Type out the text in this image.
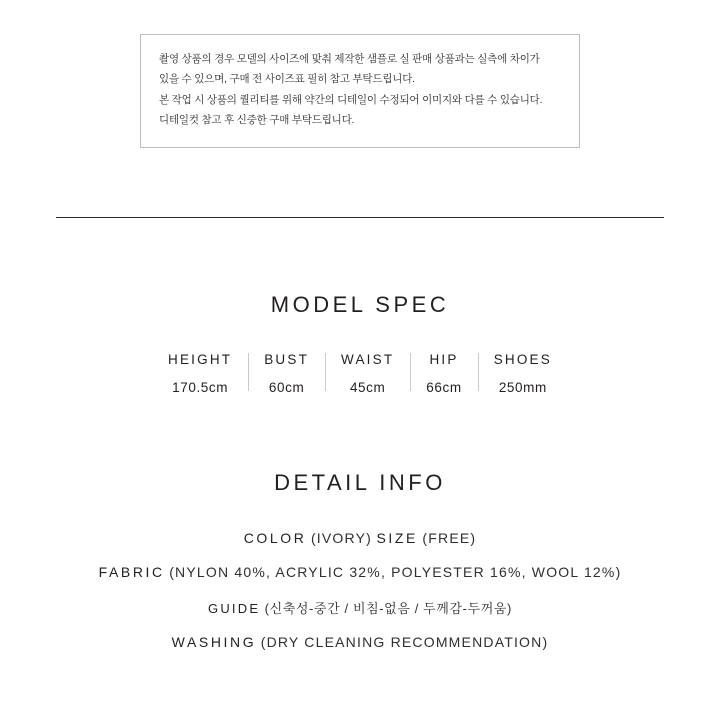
촬영 상품의 경우 모델의 사이즈에 맞춰 제작한 샘플로 실 판매 상품과는 실측에 차이가
있을 수 있으며, 구매 전 사이즈표 필히 참고 부탁드립니다.
본 작업 시 상품의 퀄리티를 위해 약간의 디테일이 수정되어 이미지와 다를 수 있습니다.
디테일컷 참고 후 신중한 구매 부탁드립니다.
MODEL SPEC
HEIGHT
170.5cm
BUST
60cm
WAIST
45cm
HIP
66cm
SHOES
250mm
DETAIL INFO
COLOR (IVORY) SIZE (FREE)
FABRIC (NYLON 40%, ACRYLIC 32%, POLYESTER 16%, WOOL 12%)
GUIDE (신축성-중간 / 비침-없음 / 두께감-두꺼움)
WASHING (DRY CLEANING RECOMMENDATION)
